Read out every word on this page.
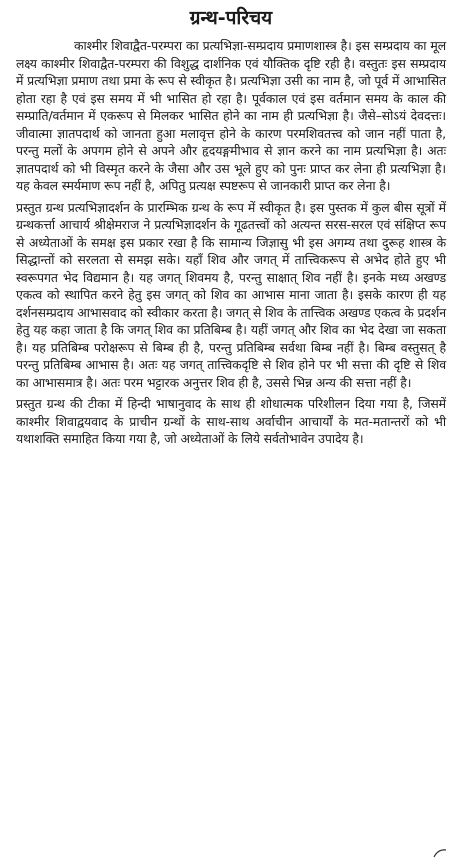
ग्रन्थ-परिचय

काश्मीर शिवाद्वैत-परम्परा का प्रत्यभिज्ञा-सम्प्रदाय प्रमाणशास्त्र है। इस सम्प्रदाय का मूल लक्ष्य काश्मीर शिवाद्वैत-परम्परा की विशुद्ध दार्शनिक एवं यौक्तिक दृष्टि रही है। वस्तुतः इस सम्प्रदाय में प्रत्यभिज्ञा प्रमाण तथा प्रमा के रूप से स्वीकृत है। प्रत्यभिज्ञा उसी का नाम है, जो पूर्व में आभासित होता रहा है एवं इस समय में भी भासित हो रहा है। पूर्वकाल एवं इस वर्तमान समय के काल की सम्प्राति/वर्तमान में एकरूप से मिलकर भासित होने का नाम ही प्रत्यभिज्ञा है। जैसे–सोऽयं देवदत्तः। जीवात्मा ज्ञातपदार्थ को जानता हुआ मलावृत्त होने के कारण परमशिवतत्त्व को जान नहीं पाता है, परन्तु मलों के अपगम होने से अपने और हृदयङ्गमीभाव से ज्ञान करने का नाम प्रत्यभिज्ञा है। अतः ज्ञातपदार्थ को भी विस्मृत करने के जैसा और उस भूले हुए को पुनः प्राप्त कर लेना ही प्रत्यभिज्ञा है। यह केवल स्मर्यमाण रूप नहीं है, अपितु प्रत्यक्ष स्पष्टरूप से जानकारी प्राप्त कर लेना है।

प्रस्तुत ग्रन्थ प्रत्यभिज्ञादर्शन के प्रारम्भिक ग्रन्थ के रूप में स्वीकृत है। इस पुस्तक में कुल बीस सूत्रों में ग्रन्थकर्त्ता आचार्य श्रीक्षेमराज ने प्रत्यभिज्ञादर्शन के गूढतत्त्वों को अत्यन्त सरस-सरल एवं संक्षिप्त रूप से अध्येताओं के समक्ष इस प्रकार रखा है कि सामान्य जिज्ञासु भी इस अगम्य तथा दुरूह शास्त्र के सिद्धान्तों को सरलता से समझ सके। यहाँ शिव और जगत् में तात्त्विकरूप से अभेद होते हुए भी स्वरूपगत भेद विद्यमान है। यह जगत् शिवमय है, परन्तु साक्षात् शिव नहीं है। इनके मध्य अखण्ड एकत्व को स्थापित करने हेतु इस जगत् को शिव का आभास माना जाता है। इसके कारण ही यह दर्शनसम्प्रदाय आभासवाद को स्वीकार करता है। जगत् से शिव के तात्त्विक अखण्ड एकत्व के प्रदर्शन हेतु यह कहा जाता है कि जगत् शिव का प्रतिबिम्ब है। यहीं जगत् और शिव का भेद देखा जा सकता है। यह प्रतिबिम्ब परोक्षरूप से बिम्ब ही है, परन्तु प्रतिबिम्ब सर्वथा बिम्ब नहीं है। बिम्ब वस्तुसत् है परन्तु प्रतिबिम्ब आभास है। अतः यह जगत् तात्त्विकदृष्टि से शिव होने पर भी सत्ता की दृष्टि से शिव का आभासमात्र है। अतः परम भट्टारक अनुत्तर शिव ही है, उससे भिन्न अन्य की सत्ता नहीं है।

प्रस्तुत ग्रन्थ की टीका में हिन्दी भाषानुवाद के साथ ही शोधात्मक परिशीलन दिया गया है, जिसमें काश्मीर शिवाद्वयवाद के प्राचीन ग्रन्थों के साथ-साथ अर्वाचीन आचार्यों के मत-मतान्तरों को भी यथाशक्ति समाहित किया गया है, जो अध्येताओं के लिये सर्वतोभावेन उपादेय है।
